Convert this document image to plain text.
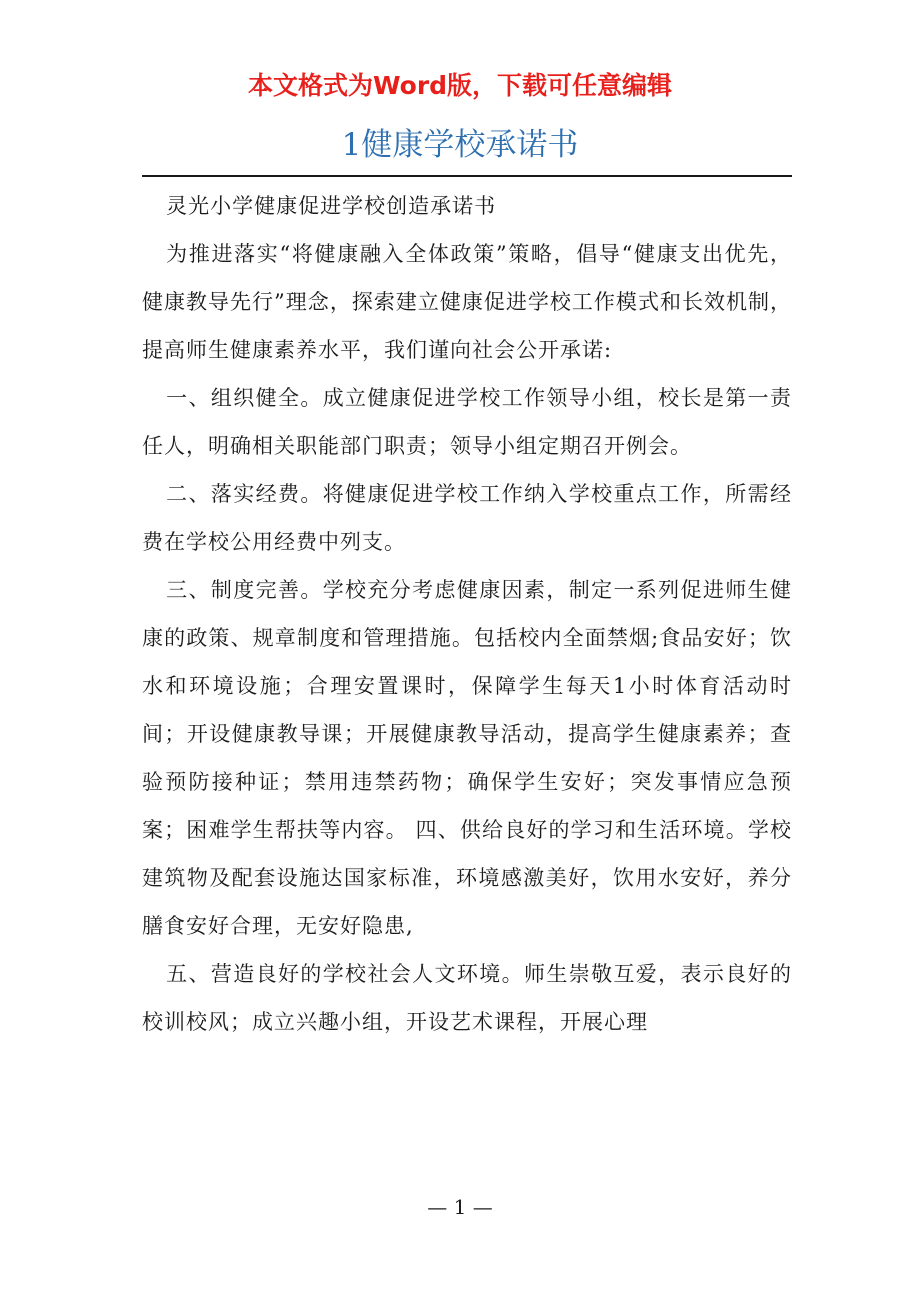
本文格式为Word版，下载可任意编辑
1健康学校承诺书

灵光小学健康促进学校创造承诺书

为推进落实“将健康融入全体政策”策略，倡导“健康支出优先，健康教导先行”理念，探索建立健康促进学校工作模式和长效机制，提高师生健康素养水平，我们谨向社会公开承诺:

一、组织健全。成立健康促进学校工作领导小组，校长是第一责任人，明确相关职能部门职责；领导小组定期召开例会。

二、落实经费。将健康促进学校工作纳入学校重点工作，所需经费在学校公用经费中列支。

三、制度完善。学校充分考虑健康因素，制定一系列促进师生健康的政策、规章制度和管理措施。包括校内全面禁烟;食品安好；饮水和环境设施；合理安置课时，保障学生每天1小时体育活动时间；开设健康教导课；开展健康教导活动，提高学生健康素养；查验预防接种证；禁用违禁药物；确保学生安好；突发事情应急预案；困难学生帮扶等内容。 四、供给良好的学习和生活环境。学校建筑物及配套设施达国家标准，环境感激美好，饮用水安好，养分膳食安好合理，无安好隐患,

五、营造良好的学校社会人文环境。师生崇敬互爱，表示良好的校训校风；成立兴趣小组，开设艺术课程，开展心理

— 1 —
